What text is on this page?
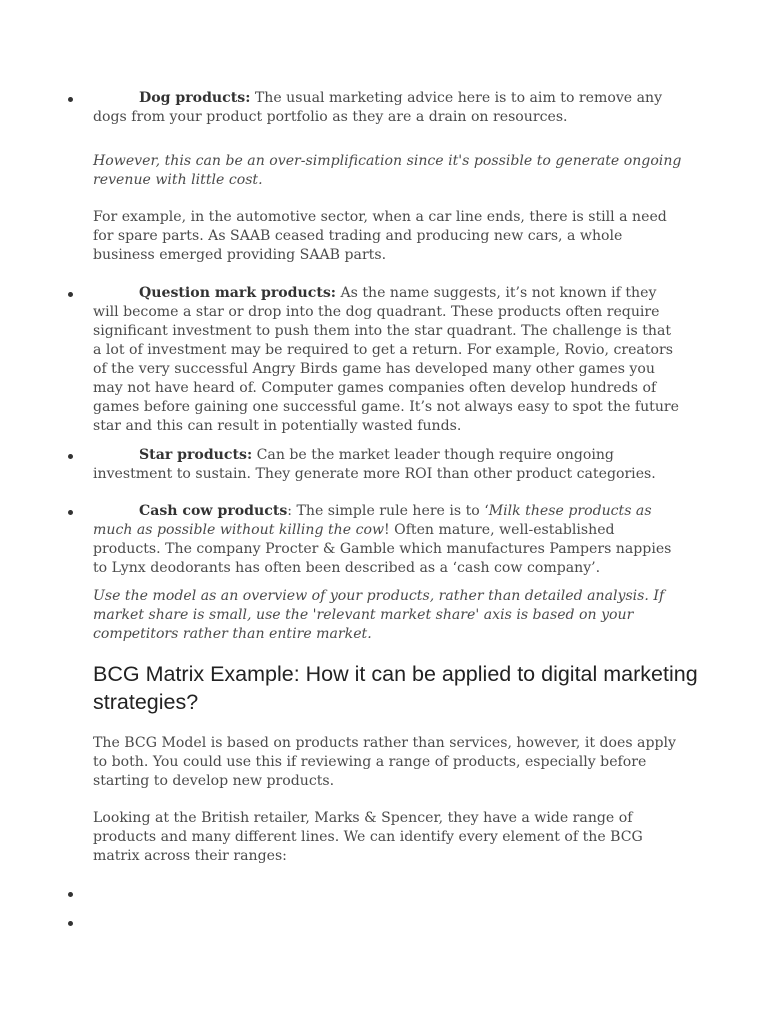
Dog products: The usual marketing advice here is to aim to remove any dogs from your product portfolio as they are a drain on resources.
However, this can be an over-simplification since it's possible to generate ongoing revenue with little cost.
For example, in the automotive sector, when a car line ends, there is still a need for spare parts. As SAAB ceased trading and producing new cars, a whole business emerged providing SAAB parts.
Question mark products: As the name suggests, it’s not known if they will become a star or drop into the dog quadrant. These products often require significant investment to push them into the star quadrant. The challenge is that a lot of investment may be required to get a return. For example, Rovio, creators of the very successful Angry Birds game has developed many other games you may not have heard of. Computer games companies often develop hundreds of games before gaining one successful game. It’s not always easy to spot the future star and this can result in potentially wasted funds.
Star products: Can be the market leader though require ongoing investment to sustain. They generate more ROI than other product categories.
Cash cow products: The simple rule here is to ‘Milk these products as much as possible without killing the cow! Often mature, well-established products. The company Procter & Gamble which manufactures Pampers nappies to Lynx deodorants has often been described as a ‘cash cow company’.
Use the model as an overview of your products, rather than detailed analysis. If market share is small, use the 'relevant market share' axis is based on your competitors rather than entire market.
BCG Matrix Example: How it can be applied to digital marketing strategies?
The BCG Model is based on products rather than services, however, it does apply to both. You could use this if reviewing a range of products, especially before starting to develop new products.
Looking at the British retailer, Marks & Spencer, they have a wide range of products and many different lines. We can identify every element of the BCG matrix across their ranges:
